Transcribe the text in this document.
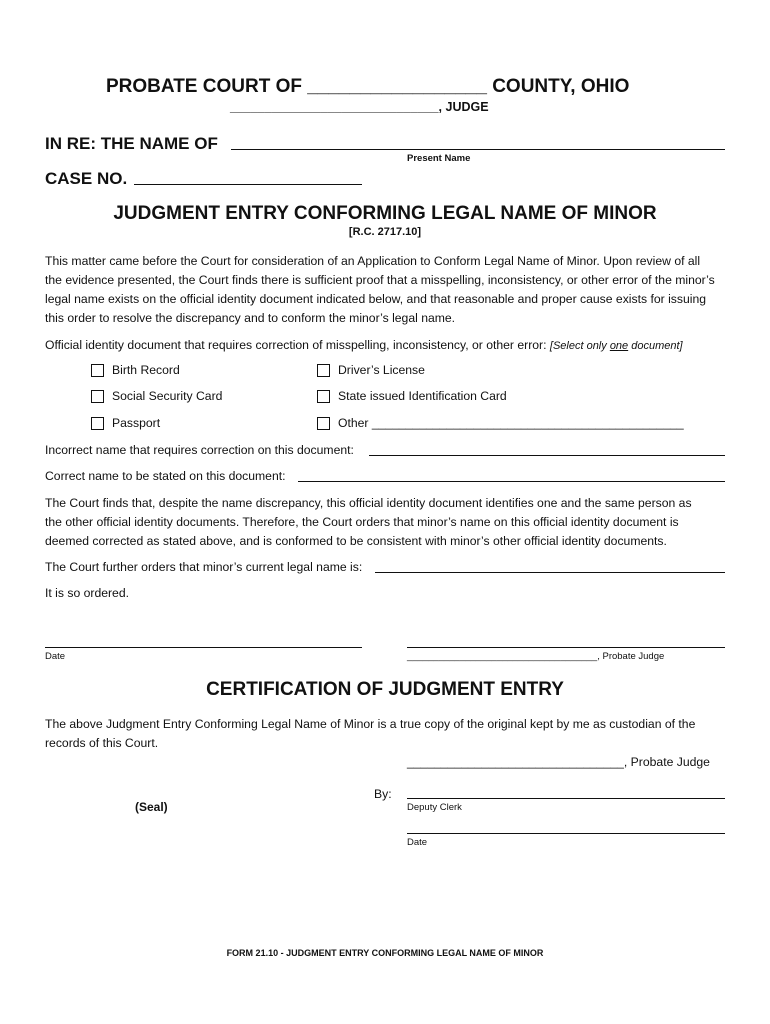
PROBATE COURT OF _________________ COUNTY, OHIO
______________________________, JUDGE
IN RE: THE NAME OF
Present Name
CASE NO.
JUDGMENT ENTRY CONFORMING LEGAL NAME OF MINOR
[R.C. 2717.10]
This matter came before the Court for consideration of an Application to Conform Legal Name of Minor. Upon review of all
the evidence presented, the Court finds there is sufficient proof that a misspelling, inconsistency, or other error of the minor’s
legal name exists on the official identity document indicated below, and that reasonable and proper cause exists for issuing
this order to resolve the discrepancy and to conform the minor’s legal name.
Official identity document that requires correction of misspelling, inconsistency, or other error: [Select only one document]
Birth Record	Driver’s License
Social Security Card	State issued Identification Card
Passport	Other ______________________________________________
Incorrect name that requires correction on this document:
Correct name to be stated on this document:
The Court finds that, despite the name discrepancy, this official identity document identifies one and the same person as
the other official identity documents. Therefore, the Court orders that minor’s name on this official identity document is
deemed corrected as stated above, and is conformed to be consistent with minor’s other official identity documents.
The Court further orders that minor’s current legal name is:
It is so ordered.
Date	____________________________________, Probate Judge
CERTIFICATION OF JUDGMENT ENTRY
The above Judgment Entry Conforming Legal Name of Minor is a true copy of the original kept by me as custodian of the
records of this Court.
________________________________, Probate Judge
By:
Deputy Clerk
(Seal)
Date
FORM 21.10 - JUDGMENT ENTRY CONFORMING LEGAL NAME OF MINOR
